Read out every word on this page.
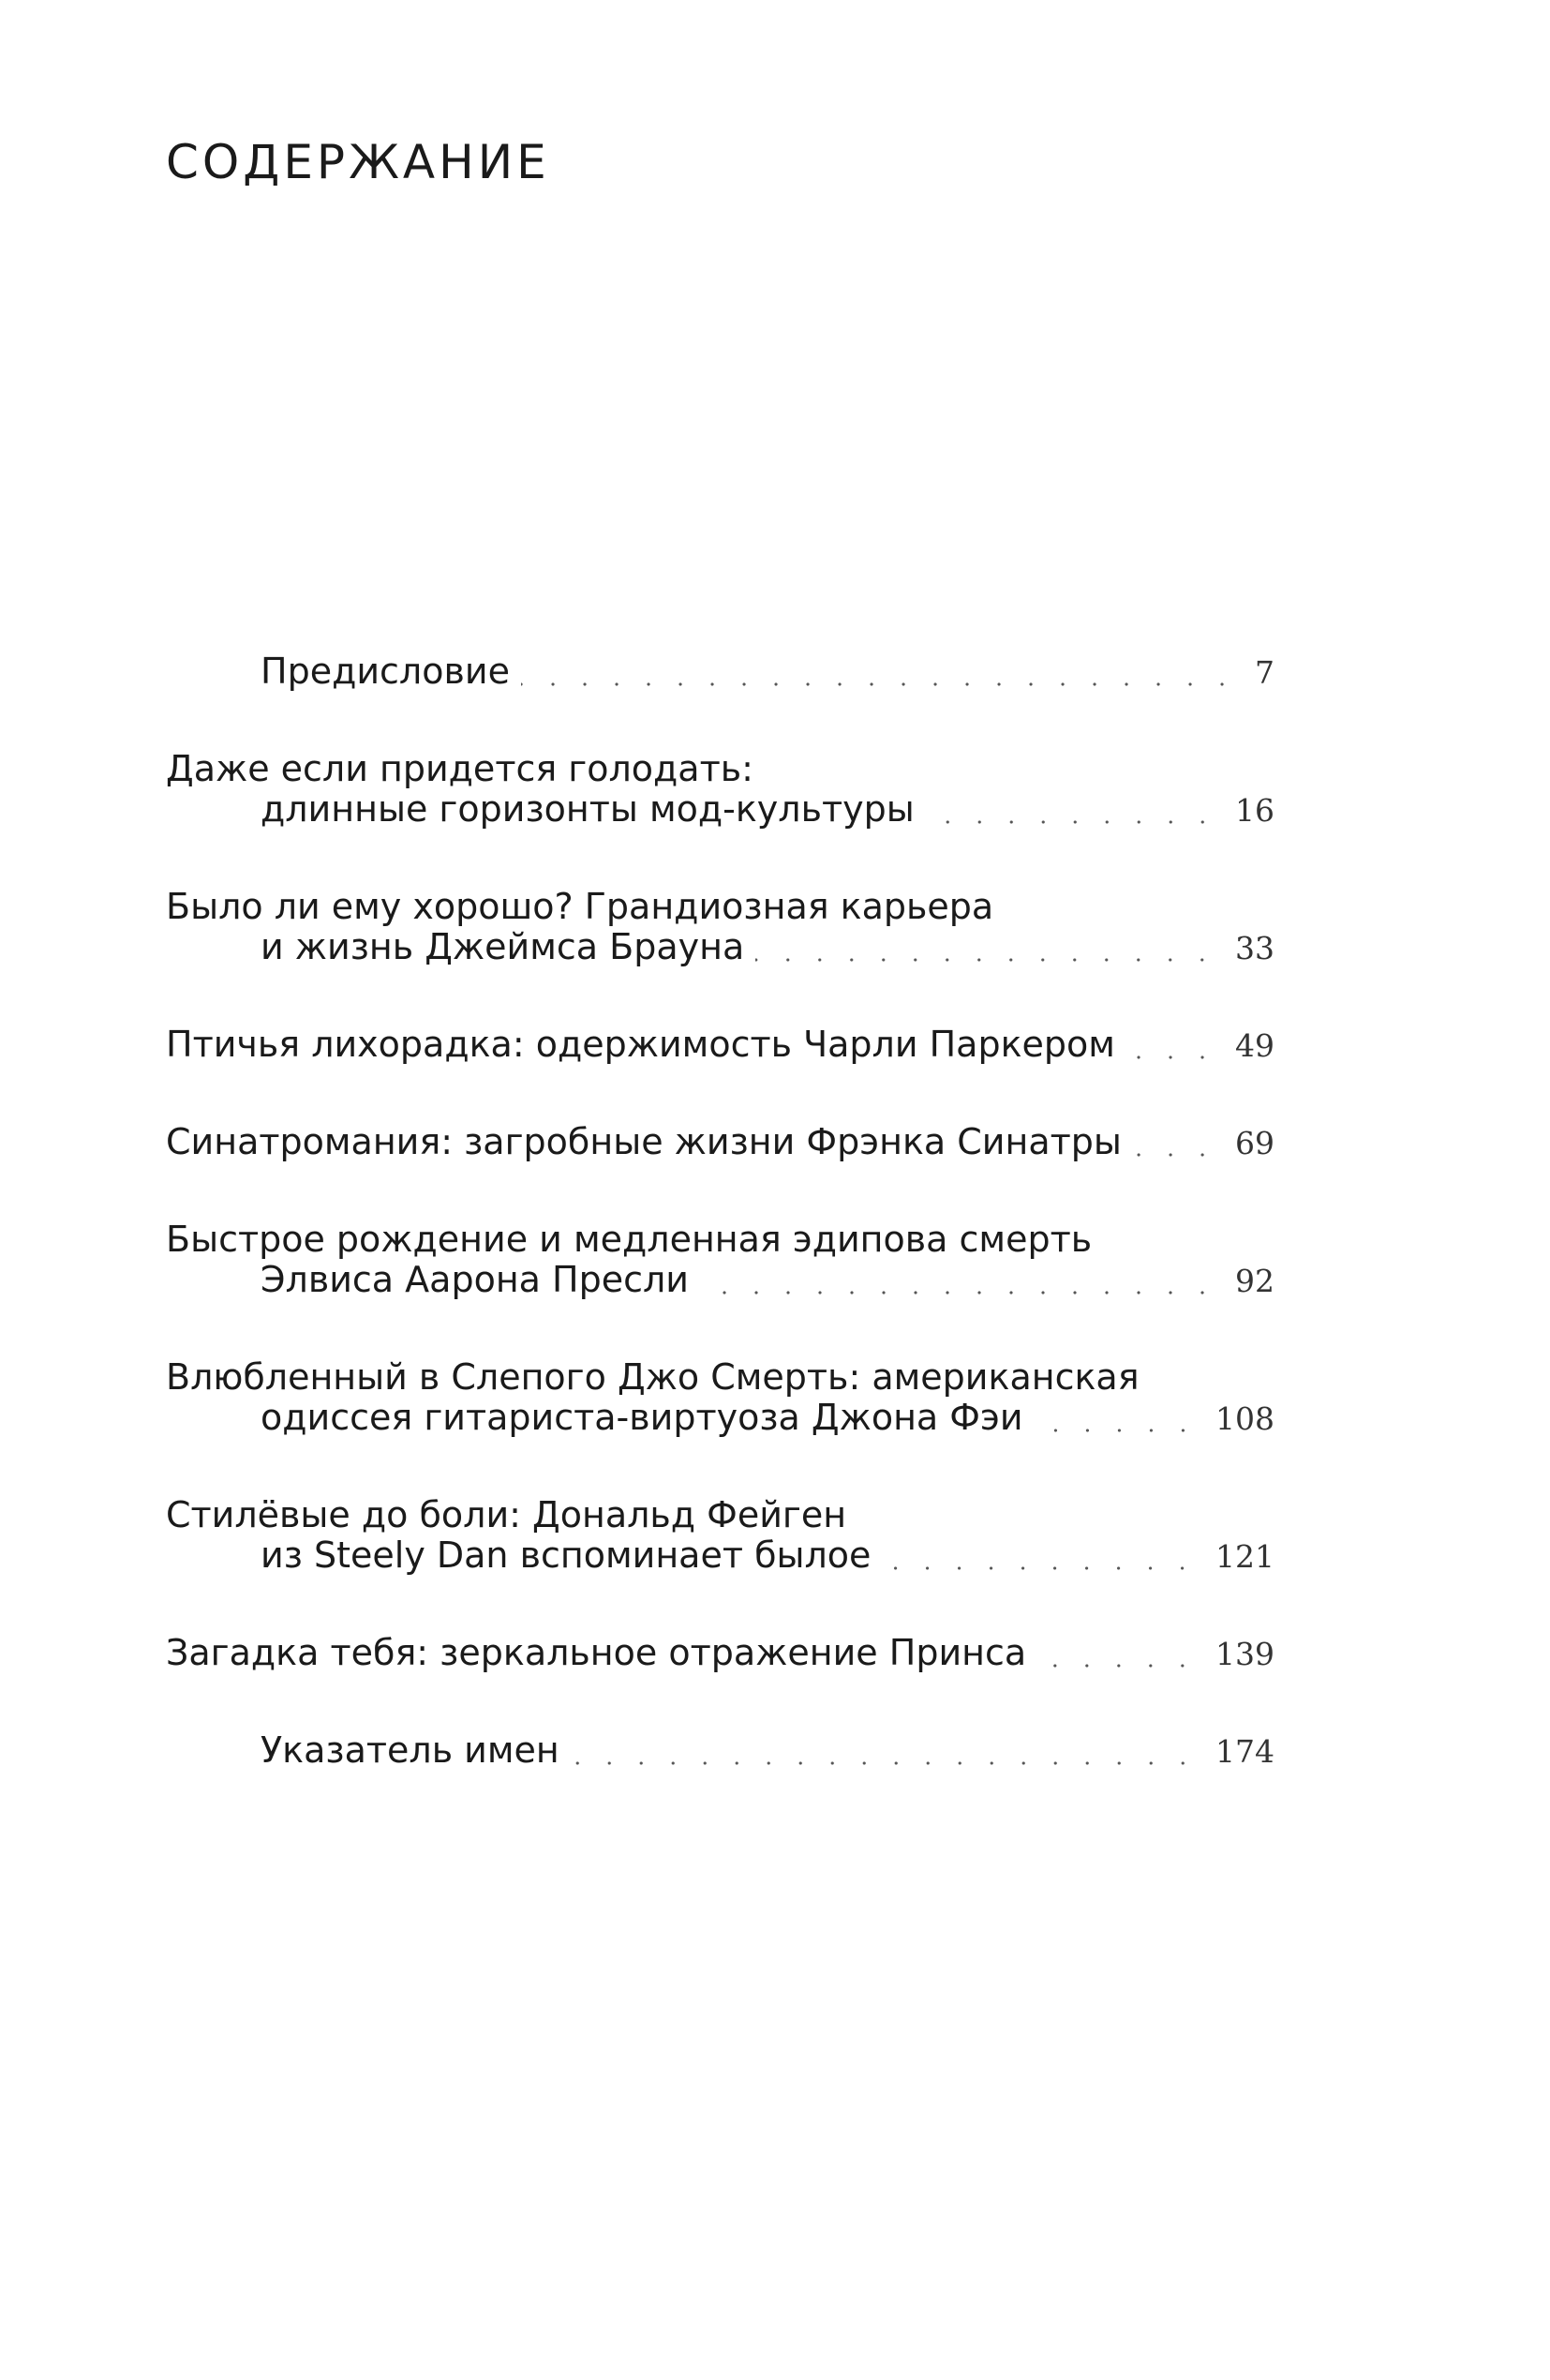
СОДЕРЖАНИЕ
Предисловие	7
Даже если придется голодать:
длинные горизонты мод-культуры	16
Было ли ему хорошо? Грандиозная карьера
и жизнь Джеймса Брауна	33
Птичья лихорадка: одержимость Чарли Паркером	49
Синатромания: загробные жизни Фрэнка Синатры	69
Быстрое рождение и медленная эдипова смерть
Элвиса Аарона Пресли	92
Влюбленный в Слепого Джо Смерть: американская
одиссея гитариста-виртуоза Джона Фэи	108
Стилёвые до боли: Дональд Фейген
из Steely Dan вспоминает былое	121
Загадка тебя: зеркальное отражение Принса	139
Указатель имен	174
